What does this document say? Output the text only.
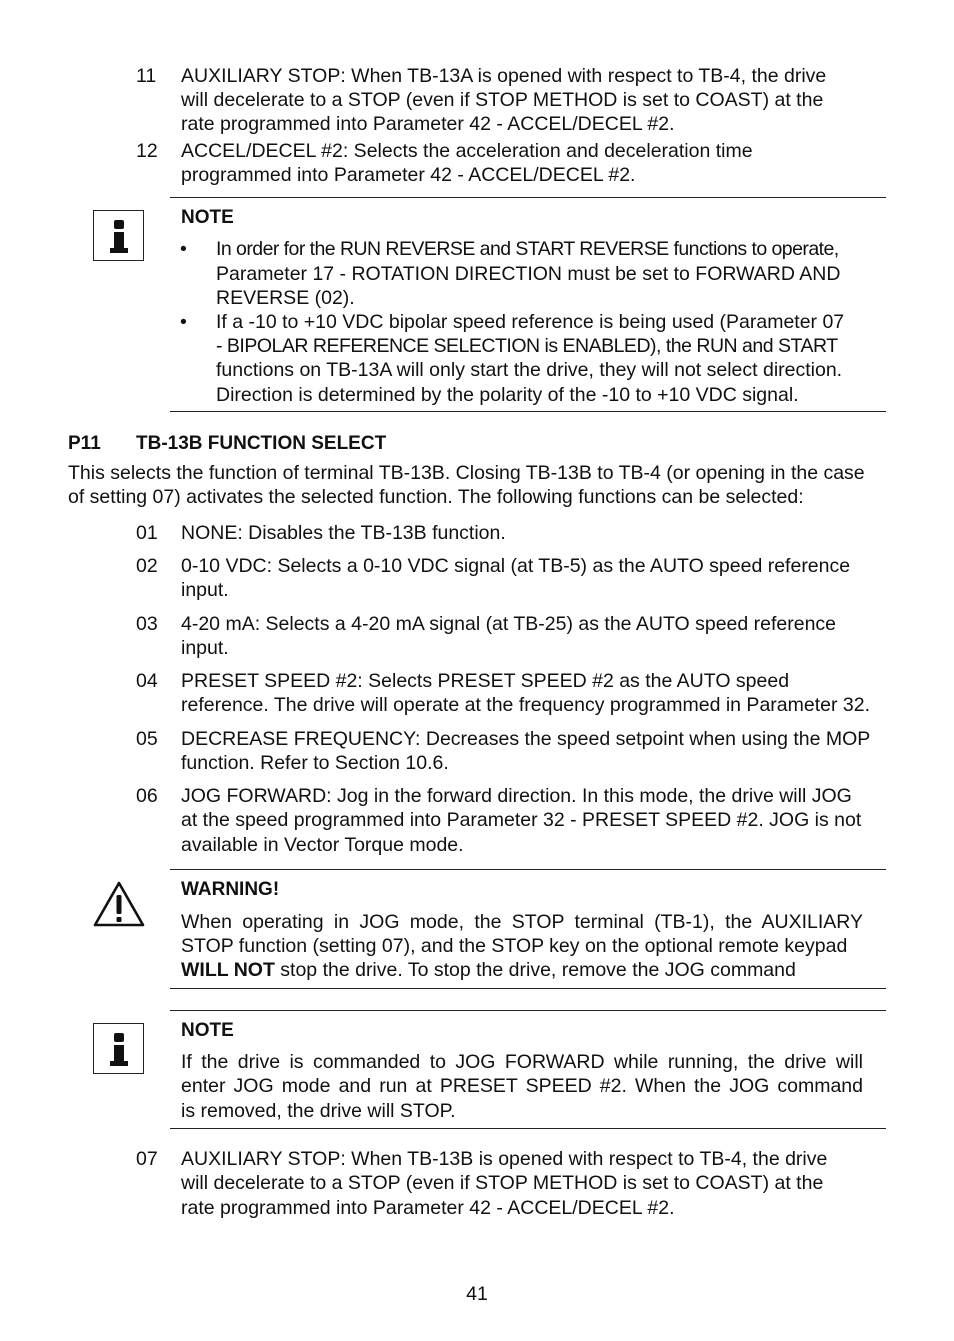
11 AUXILIARY STOP: When TB-13A is opened with respect to TB-4, the drive
will decelerate to a STOP (even if STOP METHOD is set to COAST) at the
rate programmed into Parameter 42 - ACCEL/DECEL #2.
12 ACCEL/DECEL #2: Selects the acceleration and deceleration time
programmed into Parameter 42 - ACCEL/DECEL #2.
NOTE
• In order for the RUN REVERSE and START REVERSE functions to operate,
Parameter 17 - ROTATION DIRECTION must be set to FORWARD AND
REVERSE (02).
• If a -10 to +10 VDC bipolar speed reference is being used (Parameter 07
- BIPOLAR REFERENCE SELECTION is ENABLED), the RUN and START
functions on TB-13A will only start the drive, they will not select direction.
Direction is determined by the polarity of the -10 to +10 VDC signal.
P11 TB-13B FUNCTION SELECT
This selects the function of terminal TB-13B. Closing TB-13B to TB-4 (or opening in the case
of setting 07) activates the selected function. The following functions can be selected:
01 NONE: Disables the TB-13B function.
02 0-10 VDC: Selects a 0-10 VDC signal (at TB-5) as the AUTO speed reference
input.
03 4-20 mA: Selects a 4-20 mA signal (at TB-25) as the AUTO speed reference
input.
04 PRESET SPEED #2: Selects PRESET SPEED #2 as the AUTO speed
reference. The drive will operate at the frequency programmed in Parameter 32.
05 DECREASE FREQUENCY: Decreases the speed setpoint when using the MOP
function. Refer to Section 10.6.
06 JOG FORWARD: Jog in the forward direction. In this mode, the drive will JOG
at the speed programmed into Parameter 32 - PRESET SPEED #2. JOG is not
available in Vector Torque mode.
WARNING!
When operating in JOG mode, the STOP terminal (TB-1), the AUXILIARY
STOP function (setting 07), and the STOP key on the optional remote keypad
WILL NOT stop the drive. To stop the drive, remove the JOG command
NOTE
If the drive is commanded to JOG FORWARD while running, the drive will
enter JOG mode and run at PRESET SPEED #2. When the JOG command
is removed, the drive will STOP.
07 AUXILIARY STOP: When TB-13B is opened with respect to TB-4, the drive
will decelerate to a STOP (even if STOP METHOD is set to COAST) at the
rate programmed into Parameter 42 - ACCEL/DECEL #2.
41
